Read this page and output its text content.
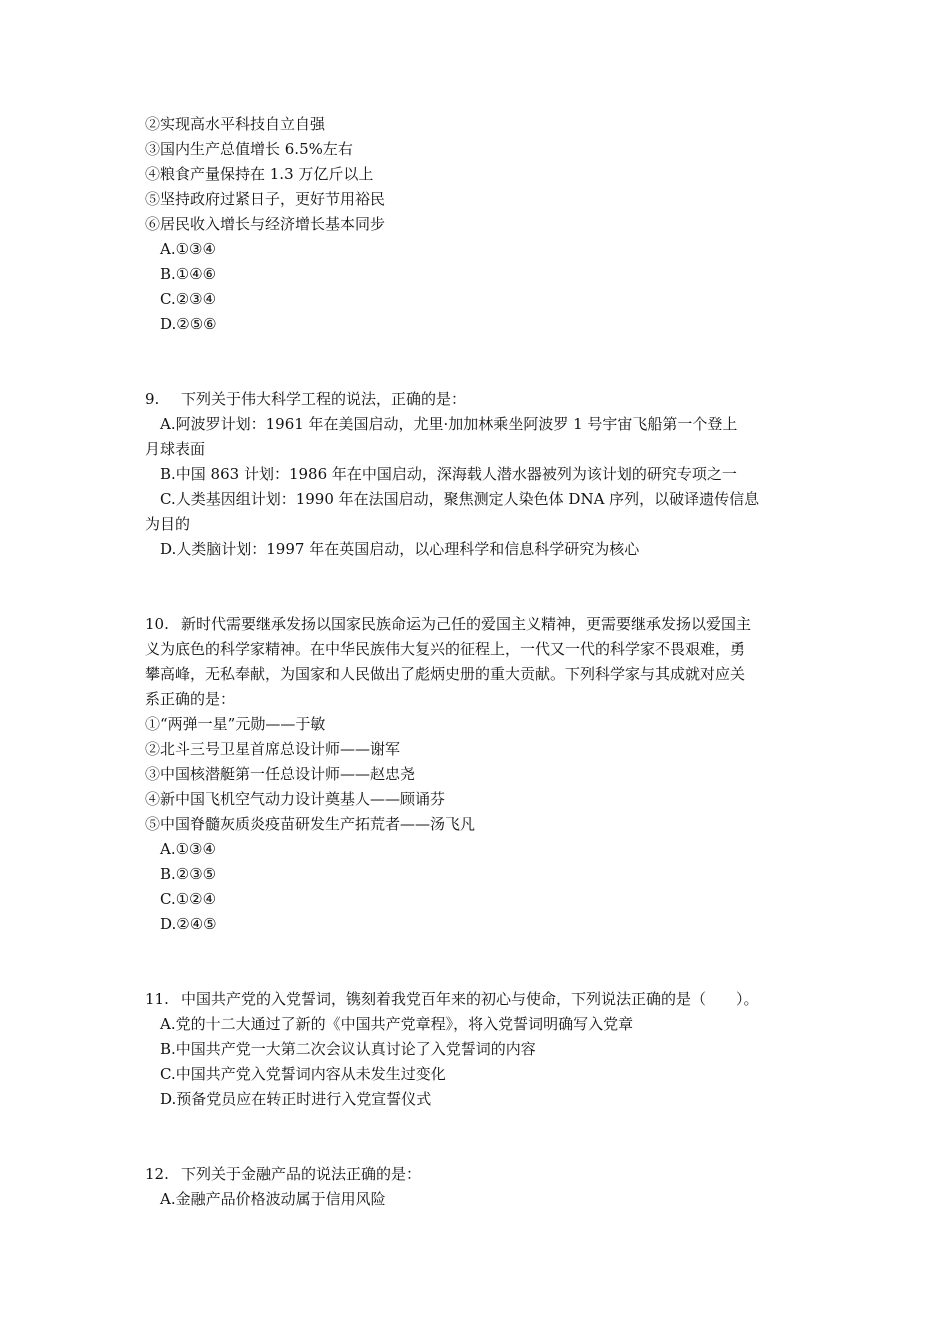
②实现高水平科技自立自强
③国内生产总值增长 6.5%左右
④粮食产量保持在 1.3 万亿斤以上
⑤坚持政府过紧日子，更好节用裕民
⑥居民收入增长与经济增长基本同步
A.①③④
B.①④⑥
C.②③④
D.②⑤⑥
9. 下列关于伟大科学工程的说法，正确的是：
A.阿波罗计划：1961 年在美国启动，尤里·加加林乘坐阿波罗 1 号宇宙飞船第一个登上
月球表面
B.中国 863 计划：1986 年在中国启动，深海载人潜水器被列为该计划的研究专项之一
C.人类基因组计划：1990 年在法国启动，聚焦测定人染色体 DNA 序列，以破译遗传信息
为目的
D.人类脑计划：1997 年在英国启动，以心理科学和信息科学研究为核心
10. 新时代需要继承发扬以国家民族命运为己任的爱国主义精神，更需要继承发扬以爱国主
义为底色的科学家精神。在中华民族伟大复兴的征程上，一代又一代的科学家不畏艰难，勇
攀高峰，无私奉献，为国家和人民做出了彪炳史册的重大贡献。下列科学家与其成就对应关
系正确的是：
①“两弹一星”元勋——于敏
②北斗三号卫星首席总设计师——谢军
③中国核潜艇第一任总设计师——赵忠尧
④新中国飞机空气动力设计奠基人——顾诵芬
⑤中国脊髓灰质炎疫苗研发生产拓荒者——汤飞凡
A.①③④
B.②③⑤
C.①②④
D.②④⑤
11. 中国共产党的入党誓词，镌刻着我党百年来的初心与使命，下列说法正确的是（　　）。
A.党的十二大通过了新的《中国共产党章程》，将入党誓词明确写入党章
B.中国共产党一大第二次会议认真讨论了入党誓词的内容
C.中国共产党入党誓词内容从未发生过变化
D.预备党员应在转正时进行入党宣誓仪式
12. 下列关于金融产品的说法正确的是：
A.金融产品价格波动属于信用风险
